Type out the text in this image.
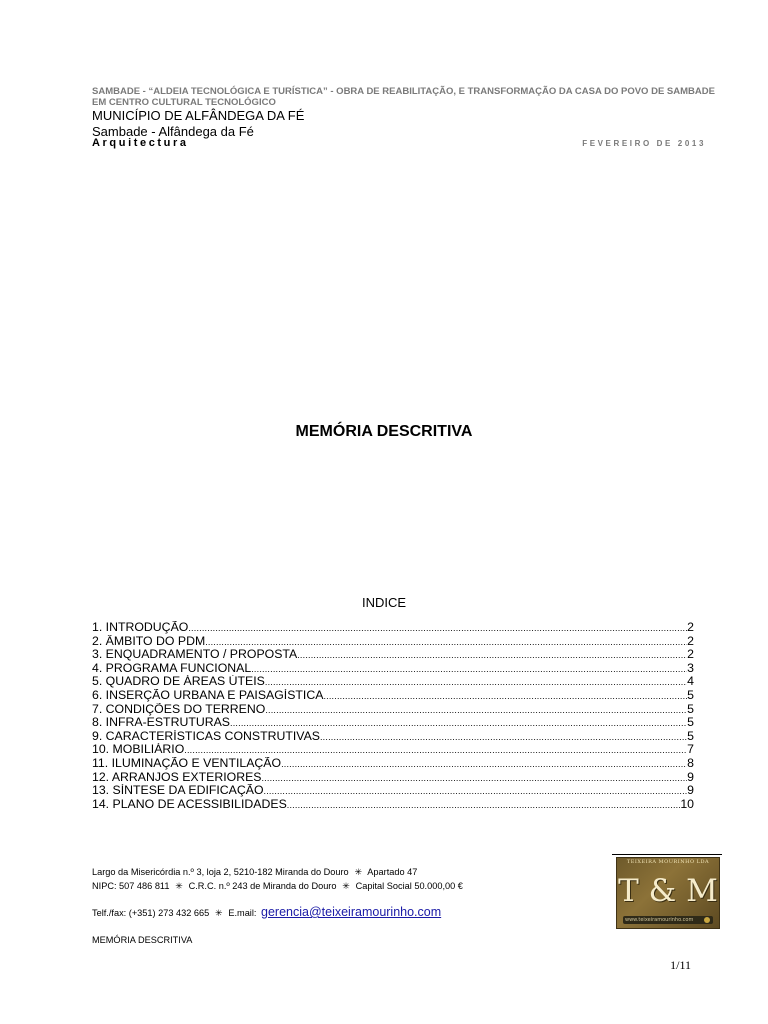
SAMBADE - “ALDEIA TECNOLÓGICA E TURÍSTICA” - OBRA DE REABILITAÇÃO, E TRANSFORMAÇÃO DA CASA DO POVO DE SAMBADE EM CENTRO CULTURAL TECNOLÓGICO
MUNICÍPIO DE ALFÂNDEGA DA FÉ
Sambade - Alfândega da Fé
Arquitectura	FEVEREIRO DE 2013
MEMÓRIA DESCRITIVA
INDICE
1. INTRODUÇÃO .....	2
2. ÂMBITO DO PDM .....	2
3. ENQUADRAMENTO / PROPOSTA .....	2
4. PROGRAMA FUNCIONAL .....	3
5. QUADRO DE ÁREAS ÚTEIS .....	4
6. INSERÇÃO URBANA E PAISAGÍSTICA .....	5
7. CONDIÇÕES DO TERRENO .....	5
8. INFRA-ESTRUTURAS .....	5
9. CARACTERÍSTICAS CONSTRUTIVAS .....	5
10. MOBILIÁRIO .....	7
11. ILUMINAÇÃO E VENTILAÇÃO .....	8
12. ARRANJOS EXTERIORES .....	9
13. SÍNTESE DA EDIFICAÇÃO .....	9
14. PLANO DE ACESSIBILIDADES .....	10
Largo da Misericórdia n.º 3, loja 2, 5210-182 Miranda do Douro ✳ Apartado 47
NIPC: 507 486 811 ✳ C.R.C. n.º 243 de Miranda do Douro ✳ Capital Social 50.000,00 €
Telf./fax: (+351) 273 432 665 ✳ E.mail: gerencia@teixeiramourinho.com
MEMÓRIA DESCRITIVA
TEIXEIRA MOURINHO LDA
T & M
www.teixeiramourinho.com
1/11
